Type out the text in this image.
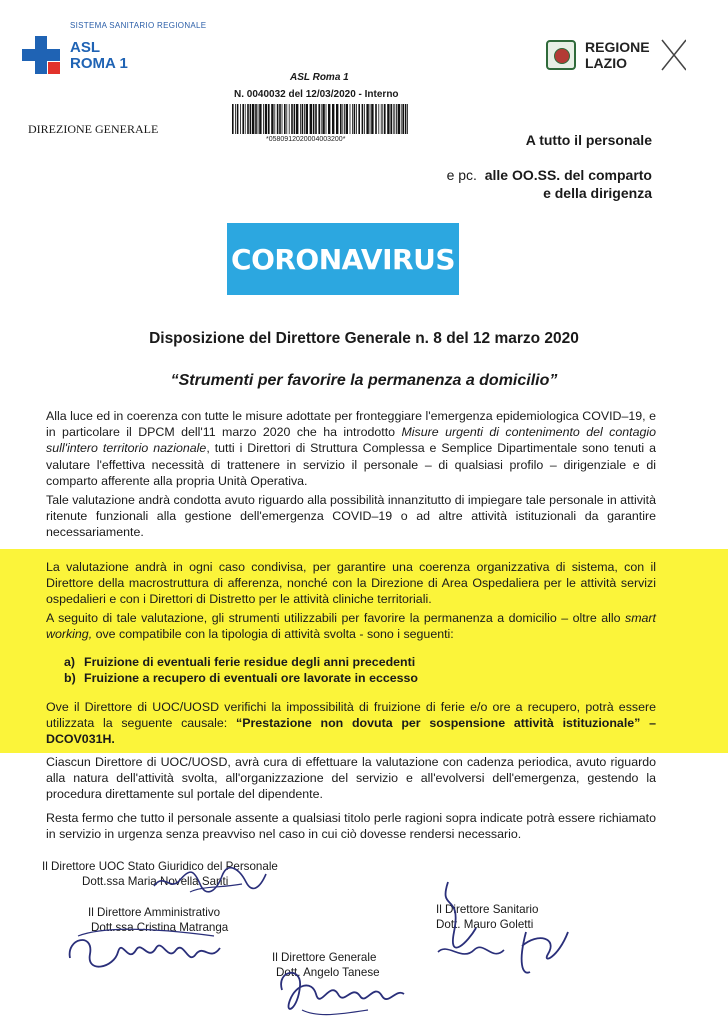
SISTEMA SANITARIO REGIONALE
ASL
ROMA 1
REGIONE
LAZIO
ASL Roma 1
N. 0040032 del 12/03/2020 - Interno
*0580912020004003200*
DIREZIONE GENERALE
A tutto il personale
e pc. alle OO.SS. del comparto
e della dirigenza
CORONAVIRUS
Disposizione del Direttore Generale n. 8 del 12 marzo 2020
“Strumenti per favorire la permanenza a domicilio”
Alla luce ed in coerenza con tutte le misure adottate per fronteggiare l'emergenza epidemiologica COVID–19, e in particolare il DPCM dell'11 marzo 2020 che ha introdotto Misure urgenti di contenimento del contagio sull'intero territorio nazionale, tutti i Direttori di Struttura Complessa e Semplice Dipartimentale sono tenuti a valutare l'effettiva necessità di trattenere in servizio il personale – di qualsiasi profilo – dirigenziale e di comparto afferente alla propria Unità Operativa.
Tale valutazione andrà condotta avuto riguardo alla possibilità innanzitutto di impiegare tale personale in attività ritenute funzionali alla gestione dell'emergenza COVID–19 o ad altre attività istituzionali da garantire necessariamente.
La valutazione andrà in ogni caso condivisa, per garantire una coerenza organizzativa di sistema, con il Direttore della macrostruttura di afferenza, nonché con la Direzione di Area Ospedaliera per le attività servizi ospedalieri e con i Direttori di Distretto per le attività cliniche territoriali.
A seguito di tale valutazione, gli strumenti utilizzabili per favorire la permanenza a domicilio – oltre allo smart working, ove compatibile con la tipologia di attività svolta - sono i seguenti:
a) Fruizione di eventuali ferie residue degli anni precedenti
b) Fruizione a recupero di eventuali ore lavorate in eccesso
Ove il Direttore di UOC/UOSD verifichi la impossibilità di fruizione di ferie e/o ore a recupero, potrà essere utilizzata la seguente causale: “Prestazione non dovuta per sospensione attività istituzionale” – DCOV031H.
Ciascun Direttore di UOC/UOSD, avrà cura di effettuare la valutazione con cadenza periodica, avuto riguardo alla natura dell'attività svolta, all'organizzazione del servizio e all'evolversi dell'emergenza, gestendo la procedura direttamente sul portale del dipendente.
Resta fermo che tutto il personale assente a qualsiasi titolo perle ragioni sopra indicate potrà essere richiamato in servizio in urgenza senza preavviso nel caso in cui ciò dovesse rendersi necessario.
Il Direttore UOC Stato Giuridico del Personale
Dott.ssa Maria Novella Santi
Il Direttore Amministrativo
Dott.ssa Cristina Matranga
Il Direttore Sanitario
Dott. Mauro Goletti
Il Direttore Generale
Dott. Angelo Tanese
